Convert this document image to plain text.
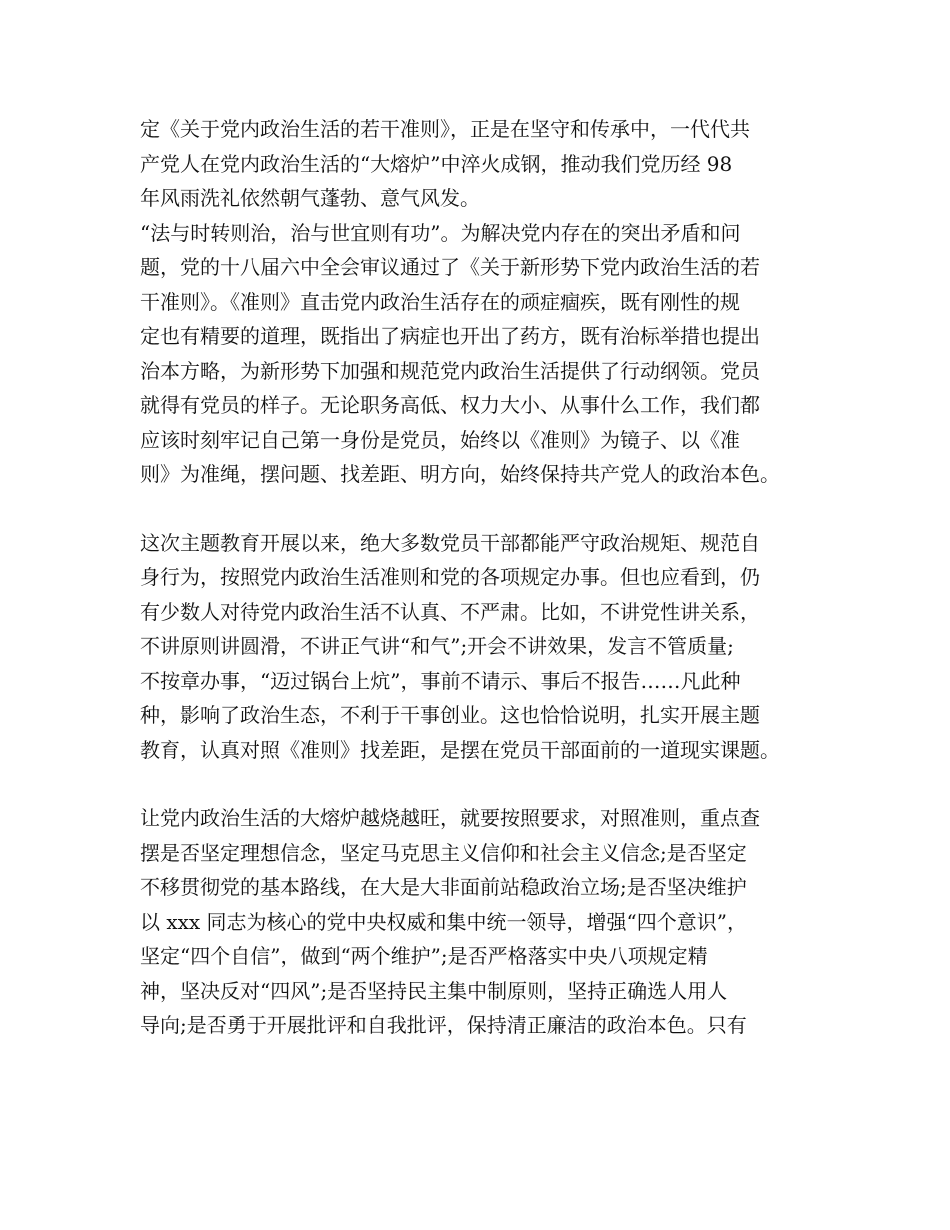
定《关于党内政治生活的若干准则》，正是在坚守和传承中，一代代共
产党人在党内政治生活的“大熔炉”中淬火成钢，推动我们党历经 98
年风雨洗礼依然朝气蓬勃、意气风发。
“法与时转则治，治与世宜则有功”。为解决党内存在的突出矛盾和问
题，党的十八届六中全会审议通过了《关于新形势下党内政治生活的若
干准则》。《准则》直击党内政治生活存在的顽症痼疾，既有刚性的规
定也有精要的道理，既指出了病症也开出了药方，既有治标举措也提出
治本方略，为新形势下加强和规范党内政治生活提供了行动纲领。党员
就得有党员的样子。无论职务高低、权力大小、从事什么工作，我们都
应该时刻牢记自己第一身份是党员，始终以《准则》为镜子、以《准
则》为准绳，摆问题、找差距、明方向，始终保持共产党人的政治本色。
这次主题教育开展以来，绝大多数党员干部都能严守政治规矩、规范自
身行为，按照党内政治生活准则和党的各项规定办事。但也应看到，仍
有少数人对待党内政治生活不认真、不严肃。比如，不讲党性讲关系，
不讲原则讲圆滑，不讲正气讲“和气”;开会不讲效果，发言不管质量;
不按章办事，“迈过锅台上炕”，事前不请示、事后不报告……凡此种
种，影响了政治生态，不利于干事创业。这也恰恰说明，扎实开展主题
教育，认真对照《准则》找差距，是摆在党员干部面前的一道现实课题。
让党内政治生活的大熔炉越烧越旺，就要按照要求，对照准则，重点查
摆是否坚定理想信念，坚定马克思主义信仰和社会主义信念;是否坚定
不移贯彻党的基本路线，在大是大非面前站稳政治立场;是否坚决维护
以 xxx 同志为核心的党中央权威和集中统一领导，增强“四个意识”，
坚定“四个自信”，做到“两个维护”;是否严格落实中央八项规定精
神，坚决反对“四风”;是否坚持民主集中制原则，坚持正确选人用人
导向;是否勇于开展批评和自我批评，保持清正廉洁的政治本色。只有
